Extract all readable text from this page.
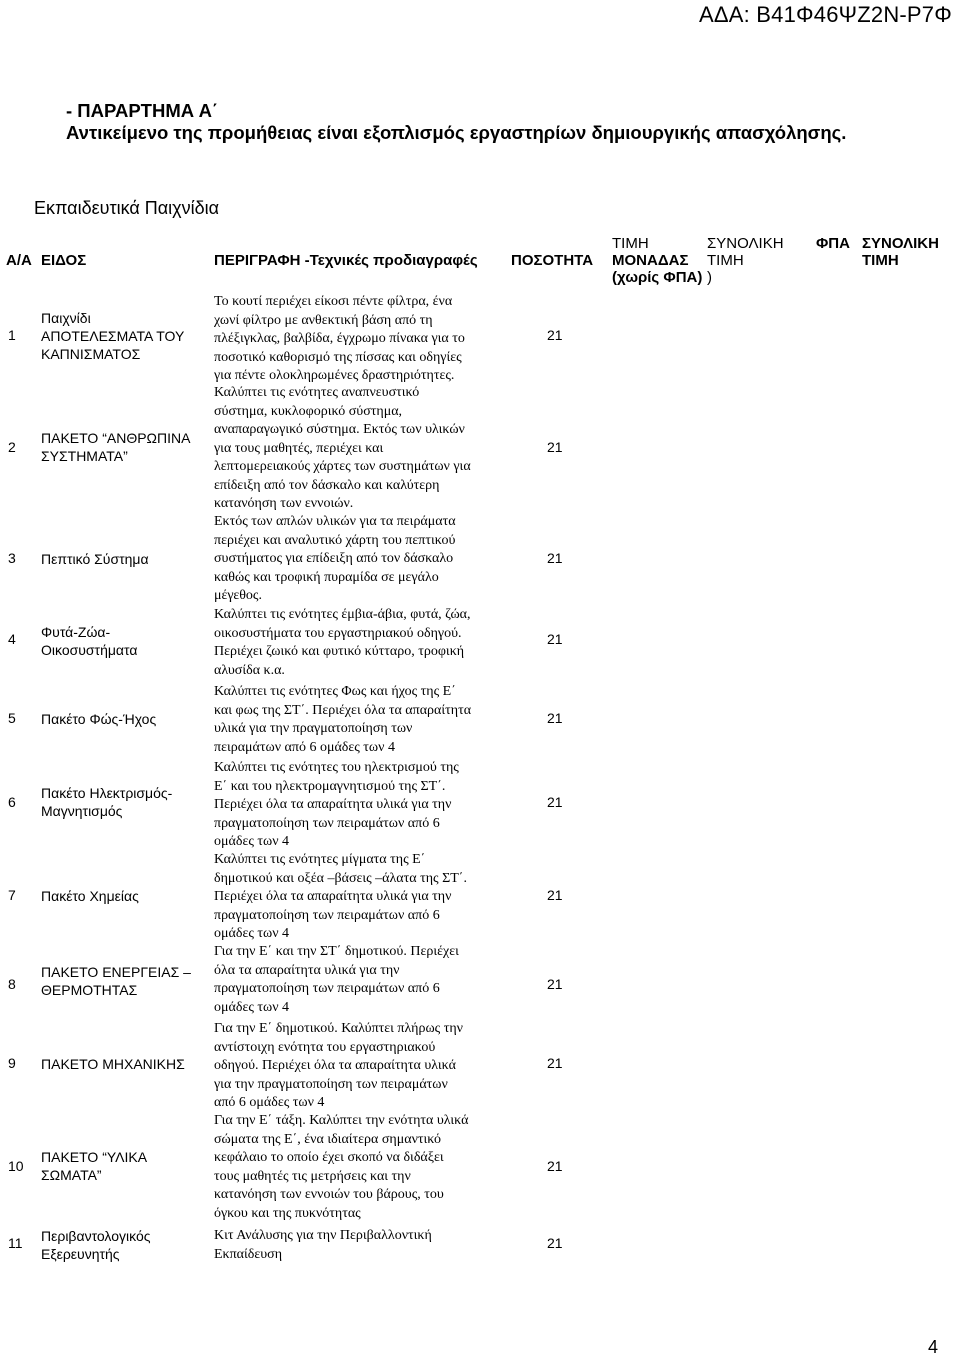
ΑΔΑ: Β41Φ46ΨΖ2Ν-Ρ7Φ
- ΠΑΡΑΡΤΗΜΑ Α΄
Αντικείμενο της προμήθειας είναι εξοπλισμός εργαστηρίων δημιουργικής απασχόλησης.
Εκπαιδευτικά Παιχνίδια
Α/Α ΕΙΔΟΣ	ΠΕΡΙΓΡΑΦΗ -Τεχνικές προδιαγραφές ΠΟΣΟΤΗΤΑ
ΤΙΜΗ
ΜΟΝΑΔΑΣ
(χωρίς ΦΠΑ)
ΣΥΝΟΛΙΚΗ
ΤΙΜΗ
)
ΦΠΑ ΣΥΝΟΛΙΚΗ
ΤΙΜΗ
1
Παιχνίδι
ΑΠΟΤΕΛΕΣΜΑΤΑ ΤΟΥ
ΚΑΠΝΙΣΜΑΤΟΣ
Το κουτί περιέχει είκοσι πέντε φίλτρα, ένα
χωνί φίλτρο με ανθεκτική βάση από τη
πλέξιγκλας, βαλβίδα, έγχρωμο πίνακα για το
ποσοτικό καθορισμό της πίσσας και οδηγίες
για πέντε ολοκληρωμένες δραστηριότητες.
21
2
ΠΑΚΕΤΟ “ΑΝΘΡΩΠΙΝΑ
ΣΥΣΤΗΜΑΤΑ”
Καλύπτει τις ενότητες αναπνευστικό
σύστημα, κυκλοφορικό σύστημα,
αναπαραγωγικό σύστημα. Εκτός των υλικών
για τους μαθητές, περιέχει και
λεπτομερειακούς χάρτες των συστημάτων για
επίδειξη από τον δάσκαλο και καλύτερη
κατανόηση των εννοιών.
21
3 Πεπτικό Σύστημα
Εκτός των απλών υλικών για τα πειράματα
περιέχει και αναλυτικό χάρτη του πεπτικού
συστήματος για επίδειξη από τον δάσκαλο
καθώς και τροφική πυραμίδα σε μεγάλο
μέγεθος.
21
4 Φυτά-Ζώα-
Οικοσυστήματα
Καλύπτει τις ενότητες έμβια-άβια, φυτά, ζώα,
οικοσυστήματα του εργαστηριακού οδηγού.
Περιέχει ζωικό και φυτικό κύτταρο, τροφική
αλυσίδα κ.α.
21
5 Πακέτο Φώς-Ήχος
Καλύπτει τις ενότητες Φως και ήχος της Ε΄
και φως της ΣΤ΄. Περιέχει όλα τα απαραίτητα
υλικά για την πραγματοποίηση των
πειραμάτων από 6 ομάδες των 4
21
6
Πακέτο Ηλεκτρισμός-
Μαγνητισμός
Καλύπτει τις ενότητες του ηλεκτρισμού της
Ε΄ και του ηλεκτρομαγνητισμού της ΣΤ΄.
Περιέχει όλα τα απαραίτητα υλικά για την
πραγματοποίηση των πειραμάτων από 6
ομάδες των 4
21
7 Πακέτο Χημείας
Καλύπτει τις ενότητες μίγματα της Ε΄
δημοτικού και οξέα –βάσεις –άλατα της ΣΤ΄.
Περιέχει όλα τα απαραίτητα υλικά για την
πραγματοποίηση των πειραμάτων από 6
ομάδες των 4
21
8
ΠΑΚΕΤΟ ΕΝΕΡΓΕΙΑΣ –
ΘΕΡΜΟΤΗΤΑΣ
Για την Ε΄ και την ΣΤ΄ δημοτικού. Περιέχει
όλα τα απαραίτητα υλικά για την
πραγματοποίηση των πειραμάτων από 6
ομάδες των 4
21
9 ΠΑΚΕΤΟ ΜΗΧΑΝΙΚΗΣ
Για την Ε΄ δημοτικού. Καλύπτει πλήρως την
αντίστοιχη ενότητα του εργαστηριακού
οδηγού. Περιέχει όλα τα απαραίτητα υλικά
για την πραγματοποίηση των πειραμάτων
από 6 ομάδες των 4
21
10
ΠΑΚΕΤΟ “ΥΛΙΚΑ
ΣΩΜΑΤΑ”
Για την Ε΄ τάξη. Καλύπτει την ενότητα υλικά
σώματα της Ε΄, ένα ιδιαίτερα σημαντικό
κεφάλαιο το οποίο έχει σκοπό να διδάξει
τους μαθητές τις μετρήσεις και την
κατανόηση των εννοιών του βάρους, του
όγκου και της πυκνότητας
21
11 Περιβαντολογικός
Εξερευνητής
Κιτ Ανάλυσης για την Περιβαλλοντική
Εκπαίδευση
21
4
